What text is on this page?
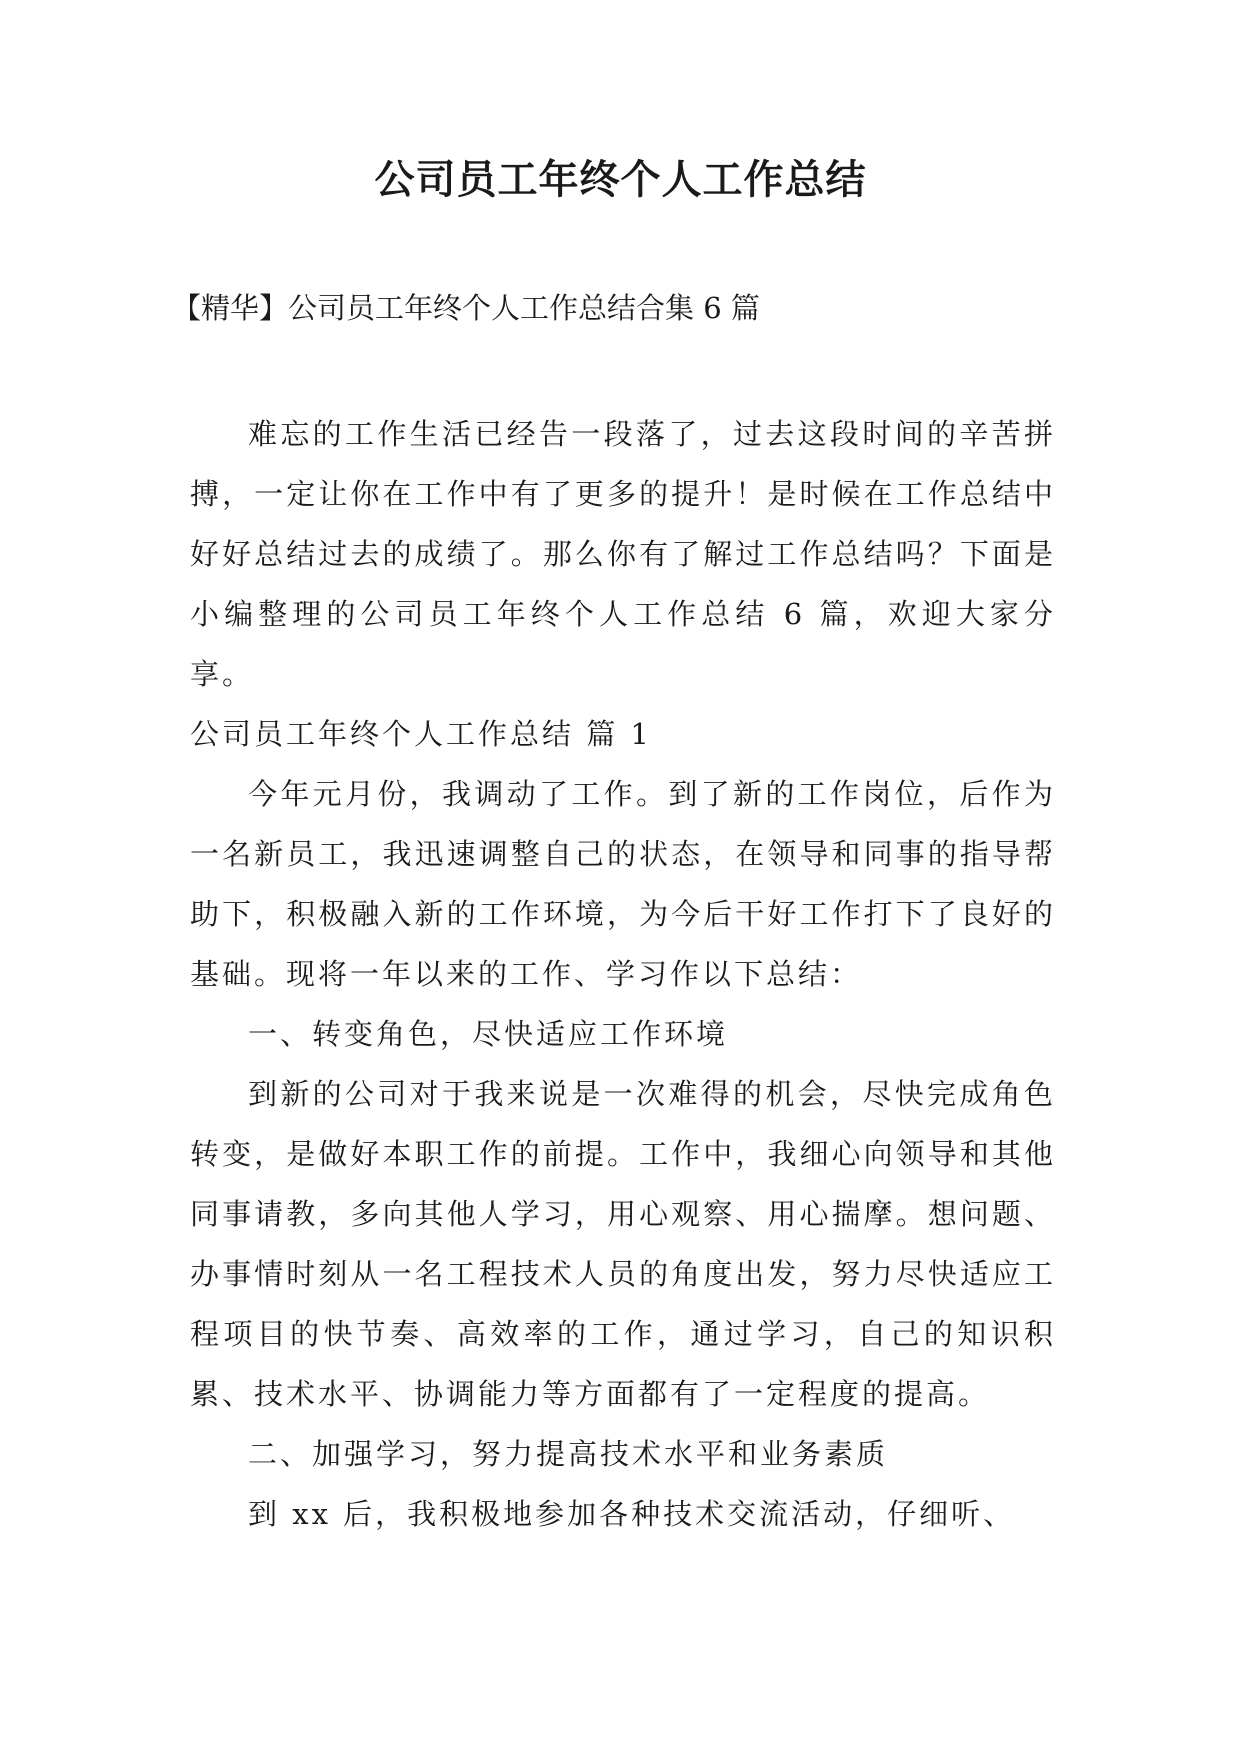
公司员工年终个人工作总结

【精华】公司员工年终个人工作总结合集 6 篇

难忘的工作生活已经告一段落了，过去这段时间的辛苦拼搏，一定让你在工作中有了更多的提升！是时候在工作总结中好好总结过去的成绩了。那么你有了解过工作总结吗？下面是小编整理的公司员工年终个人工作总结 6 篇，欢迎大家分享。

公司员工年终个人工作总结 篇 1

今年元月份，我调动了工作。到了新的工作岗位，后作为一名新员工，我迅速调整自己的状态，在领导和同事的指导帮助下，积极融入新的工作环境，为今后干好工作打下了良好的基础。现将一年以来的工作、学习作以下总结：

一、转变角色，尽快适应工作环境

到新的公司对于我来说是一次难得的机会，尽快完成角色转变，是做好本职工作的前提。工作中，我细心向领导和其他同事请教，多向其他人学习，用心观察、用心揣摩。想问题、办事情时刻从一名工程技术人员的角度出发，努力尽快适应工程项目的快节奏、高效率的工作，通过学习，自己的知识积累、技术水平、协调能力等方面都有了一定程度的提高。

二、加强学习，努力提高技术水平和业务素质

到 xx 后，我积极地参加各种技术交流活动，仔细听、
